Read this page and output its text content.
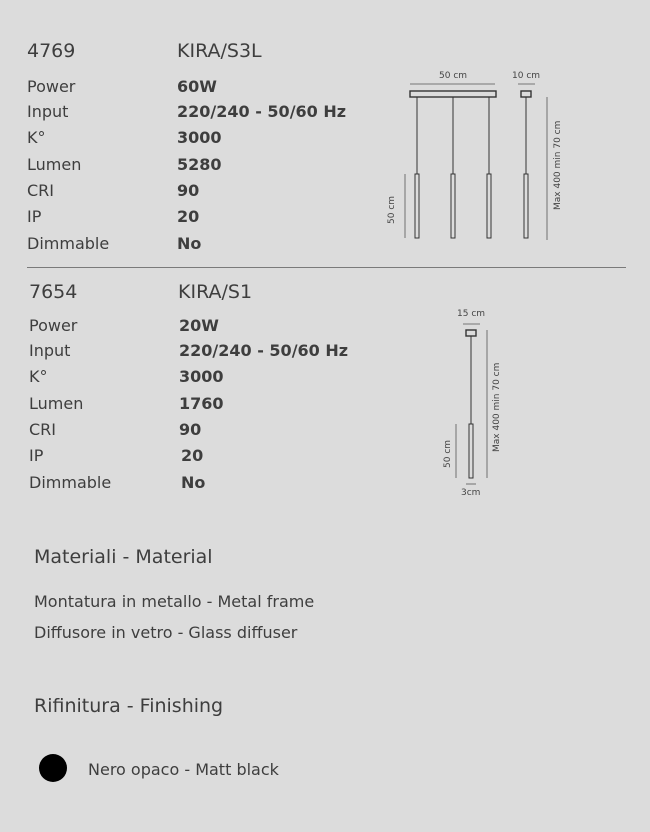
4769	KIRA/S3L
Power	60W
Input	220/240 - 50/60 Hz
K°	3000
Lumen	5280
CRI	90
IP	20
Dimmable	No
50 cm
50 cm
10 cm
Max 400 min 70 cm
7654	KIRA/S1
Power	20W
Input	220/240 - 50/60 Hz
K°	3000
Lumen	1760
CRI	90
IP	20
Dimmable	No
15 cm
50 cm
Max 400 min 70 cm
3cm
Materiali - Material
Montatura in metallo - Metal frame
Diffusore in vetro - Glass diffuser
Rifinitura - Finishing
Nero opaco - Matt black
